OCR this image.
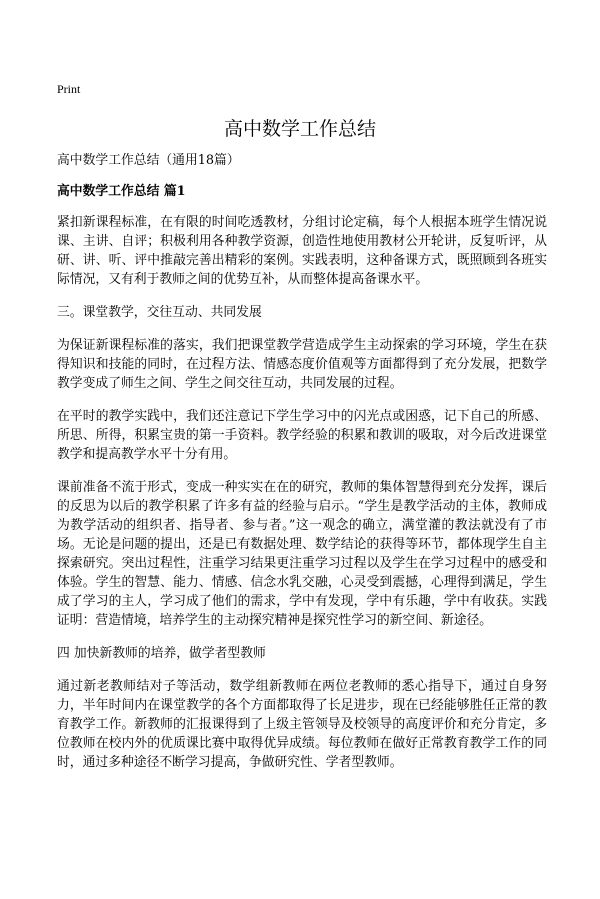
Print
高中数学工作总结

高中数学工作总结（通用18篇）

高中数学工作总结 篇1

紧扣新课程标准，在有限的时间吃透教材，分组讨论定稿，每个人根据本班学生情况说课、主讲、自评；积极利用各种教学资源，创造性地使用教材公开轮讲，反复听评，从研、讲、听、评中推敲完善出精彩的案例。实践表明，这种备课方式，既照顾到各班实际情况，又有利于教师之间的优势互补，从而整体提高备课水平。

三。课堂教学，交往互动、共同发展

为保证新课程标准的落实，我们把课堂教学营造成学生主动探索的学习环境，学生在获得知识和技能的同时，在过程方法、情感态度价值观等方面都得到了充分发展，把数学教学变成了师生之间、学生之间交往互动，共同发展的过程。

在平时的教学实践中，我们还注意记下学生学习中的闪光点或困惑，记下自己的所感、所思、所得，积累宝贵的第一手资料。教学经验的积累和教训的吸取，对今后改进课堂教学和提高教学水平十分有用。

课前准备不流于形式，变成一种实实在在的研究，教师的集体智慧得到充分发挥，课后的反思为以后的教学积累了许多有益的经验与启示。“学生是教学活动的主体，教师成为教学活动的组织者、指导者、参与者。”这一观念的确立，满堂灌的教法就没有了市场。无论是问题的提出，还是已有数据处理、数学结论的获得等环节，都体现学生自主探索研究。突出过程性，注重学习结果更注重学习过程以及学生在学习过程中的感受和体验。学生的智慧、能力、情感、信念水乳交融，心灵受到震撼，心理得到满足，学生成了学习的主人，学习成了他们的需求，学中有发现，学中有乐趣，学中有收获。实践证明：营造情境，培养学生的主动探究精神是探究性学习的新空间、新途径。

四 加快新教师的培养，做学者型教师

通过新老教师结对子等活动，数学组新教师在两位老教师的悉心指导下，通过自身努力，半年时间内在课堂教学的各个方面都取得了长足进步，现在已经能够胜任正常的教育教学工作。新教师的汇报课得到了上级主管领导及校领导的高度评价和充分肯定，多位教师在校内外的优质课比赛中取得优异成绩。每位教师在做好正常教育教学工作的同时，通过多种途径不断学习提高，争做研究性、学者型教师。
